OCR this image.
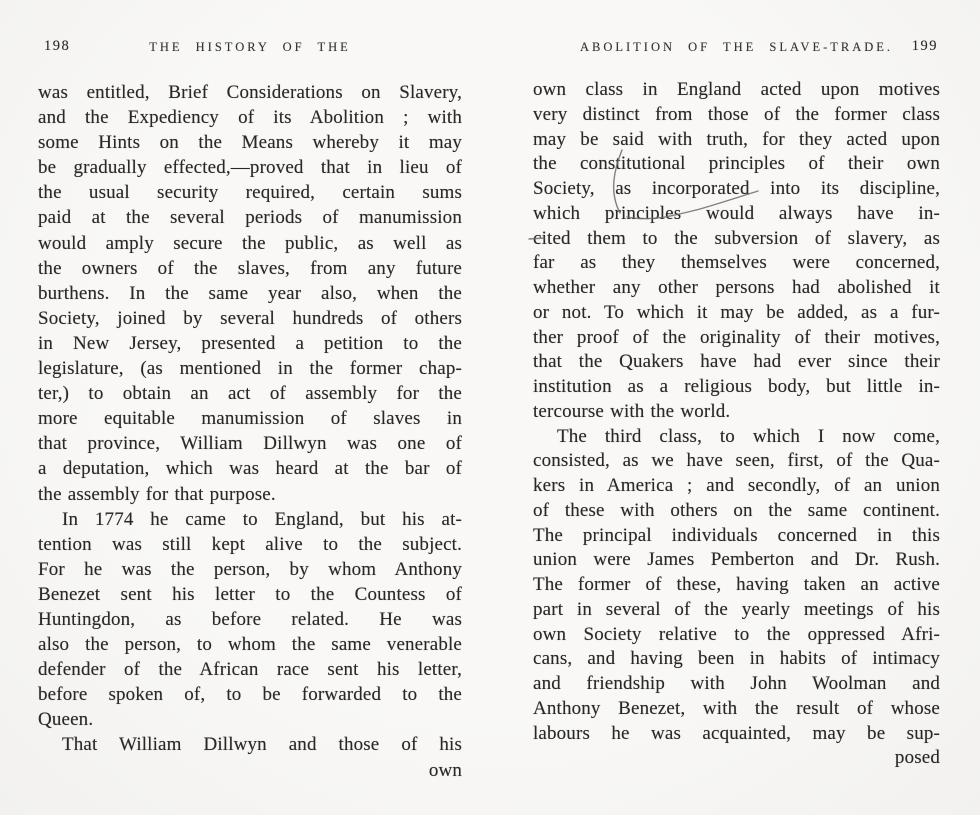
198	THE HISTORY OF THE
was entitled, Brief Considerations on Slavery,
and the Expediency of its Abolition ; with
some Hints on the Means whereby it may
be gradually effected,—proved that in lieu of
the usual security required, certain sums
paid at the several periods of manumission
would amply secure the public, as well as
the owners of the slaves, from any future
burthens. In the same year also, when the
Society, joined by several hundreds of others
in New Jersey, presented a petition to the
legislature, (as mentioned in the former chap-
ter,) to obtain an act of assembly for the
more equitable manumission of slaves in
that province, William Dillwyn was one of
a deputation, which was heard at the bar of
the assembly for that purpose.
In 1774 he came to England, but his at-
tention was still kept alive to the subject.
For he was the person, by whom Anthony
Benezet sent his letter to the Countess of
Huntingdon, as before related. He was
also the person, to whom the same venerable
defender of the African race sent his letter,
before spoken of, to be forwarded to the
Queen.
That William Dillwyn and those of his
own
ABOLITION OF THE SLAVE-TRADE.	199
own class in England acted upon motives
very distinct from those of the former class
may be said with truth, for they acted upon
the constitutional principles of their own
Society, as incorporated into its discipline,
which principles would always have in-
cited them to the subversion of slavery, as
far as they themselves were concerned,
whether any other persons had abolished it
or not. To which it may be added, as a fur-
ther proof of the originality of their motives,
that the Quakers have had ever since their
institution as a religious body, but little in-
tercourse with the world.
The third class, to which I now come,
consisted, as we have seen, first, of the Qua-
kers in America ; and secondly, of an union
of these with others on the same continent.
The principal individuals concerned in this
union were James Pemberton and Dr. Rush.
The former of these, having taken an active
part in several of the yearly meetings of his
own Society relative to the oppressed Afri-
cans, and having been in habits of intimacy
and friendship with John Woolman and
Anthony Benezet, with the result of whose
labours he was acquainted, may be sup-
posed
